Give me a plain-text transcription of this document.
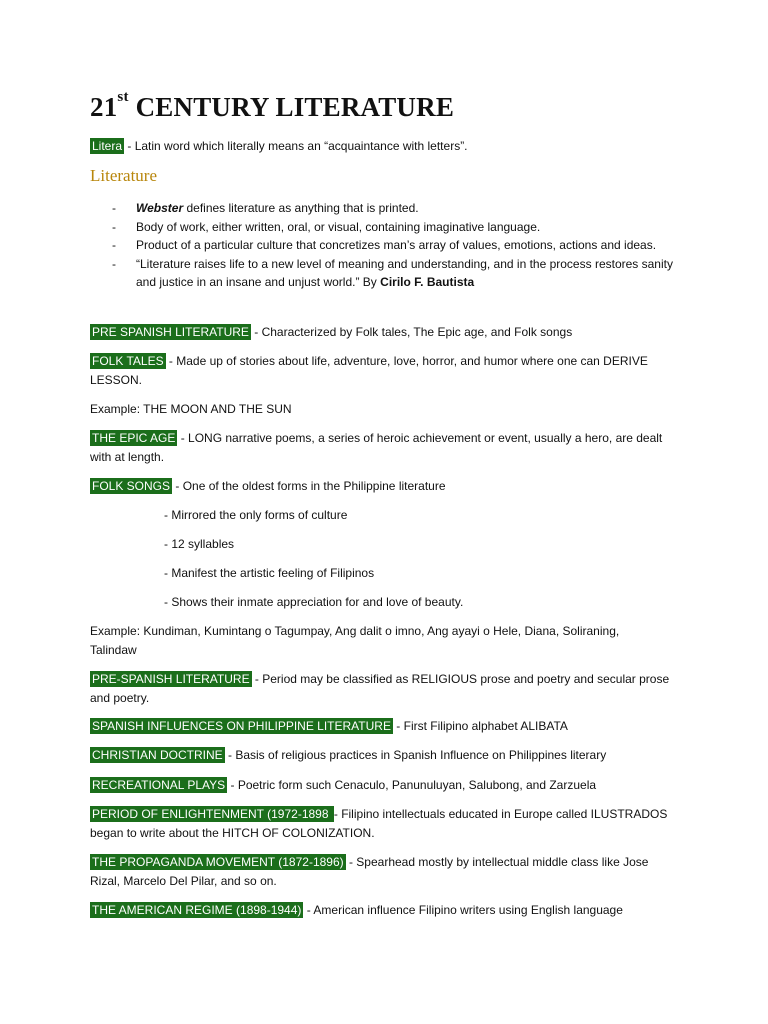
21st CENTURY LITERATURE
Litera - Latin word which literally means an “acquaintance with letters”.
Literature
- Webster defines literature as anything that is printed.
- Body of work, either written, oral, or visual, containing imaginative language.
- Product of a particular culture that concretizes man’s array of values, emotions, actions and ideas.
- “Literature raises life to a new level of meaning and understanding, and in the process restores sanity and justice in an insane and unjust world.” By Cirilo F. Bautista
PRE SPANISH LITERATURE - Characterized by Folk tales, The Epic age, and Folk songs
FOLK TALES - Made up of stories about life, adventure, love, horror, and humor where one can DERIVE LESSON.
Example: THE MOON AND THE SUN
THE EPIC AGE - LONG narrative poems, a series of heroic achievement or event, usually a hero, are dealt with at length.
FOLK SONGS - One of the oldest forms in the Philippine literature
- Mirrored the only forms of culture
- 12 syllables
- Manifest the artistic feeling of Filipinos
- Shows their inmate appreciation for and love of beauty.
Example: Kundiman, Kumintang o Tagumpay, Ang dalit o imno, Ang ayayi o Hele, Diana, Soliraning, Talindaw
PRE-SPANISH LITERATURE - Period may be classified as RELIGIOUS prose and poetry and secular prose and poetry.
SPANISH INFLUENCES ON PHILIPPINE LITERATURE - First Filipino alphabet ALIBATA
CHRISTIAN DOCTRINE - Basis of religious practices in Spanish Influence on Philippines literary
RECREATIONAL PLAYS - Poetric form such Cenaculo, Panunuluyan, Salubong, and Zarzuela
PERIOD OF ENLIGHTENMENT (1972-1898 - Filipino intellectuals educated in Europe called ILUSTRADOS began to write about the HITCH OF COLONIZATION.
THE PROPAGANDA MOVEMENT (1872-1896) - Spearhead mostly by intellectual middle class like Jose Rizal, Marcelo Del Pilar, and so on.
THE AMERICAN REGIME (1898-1944) - American influence Filipino writers using English language
